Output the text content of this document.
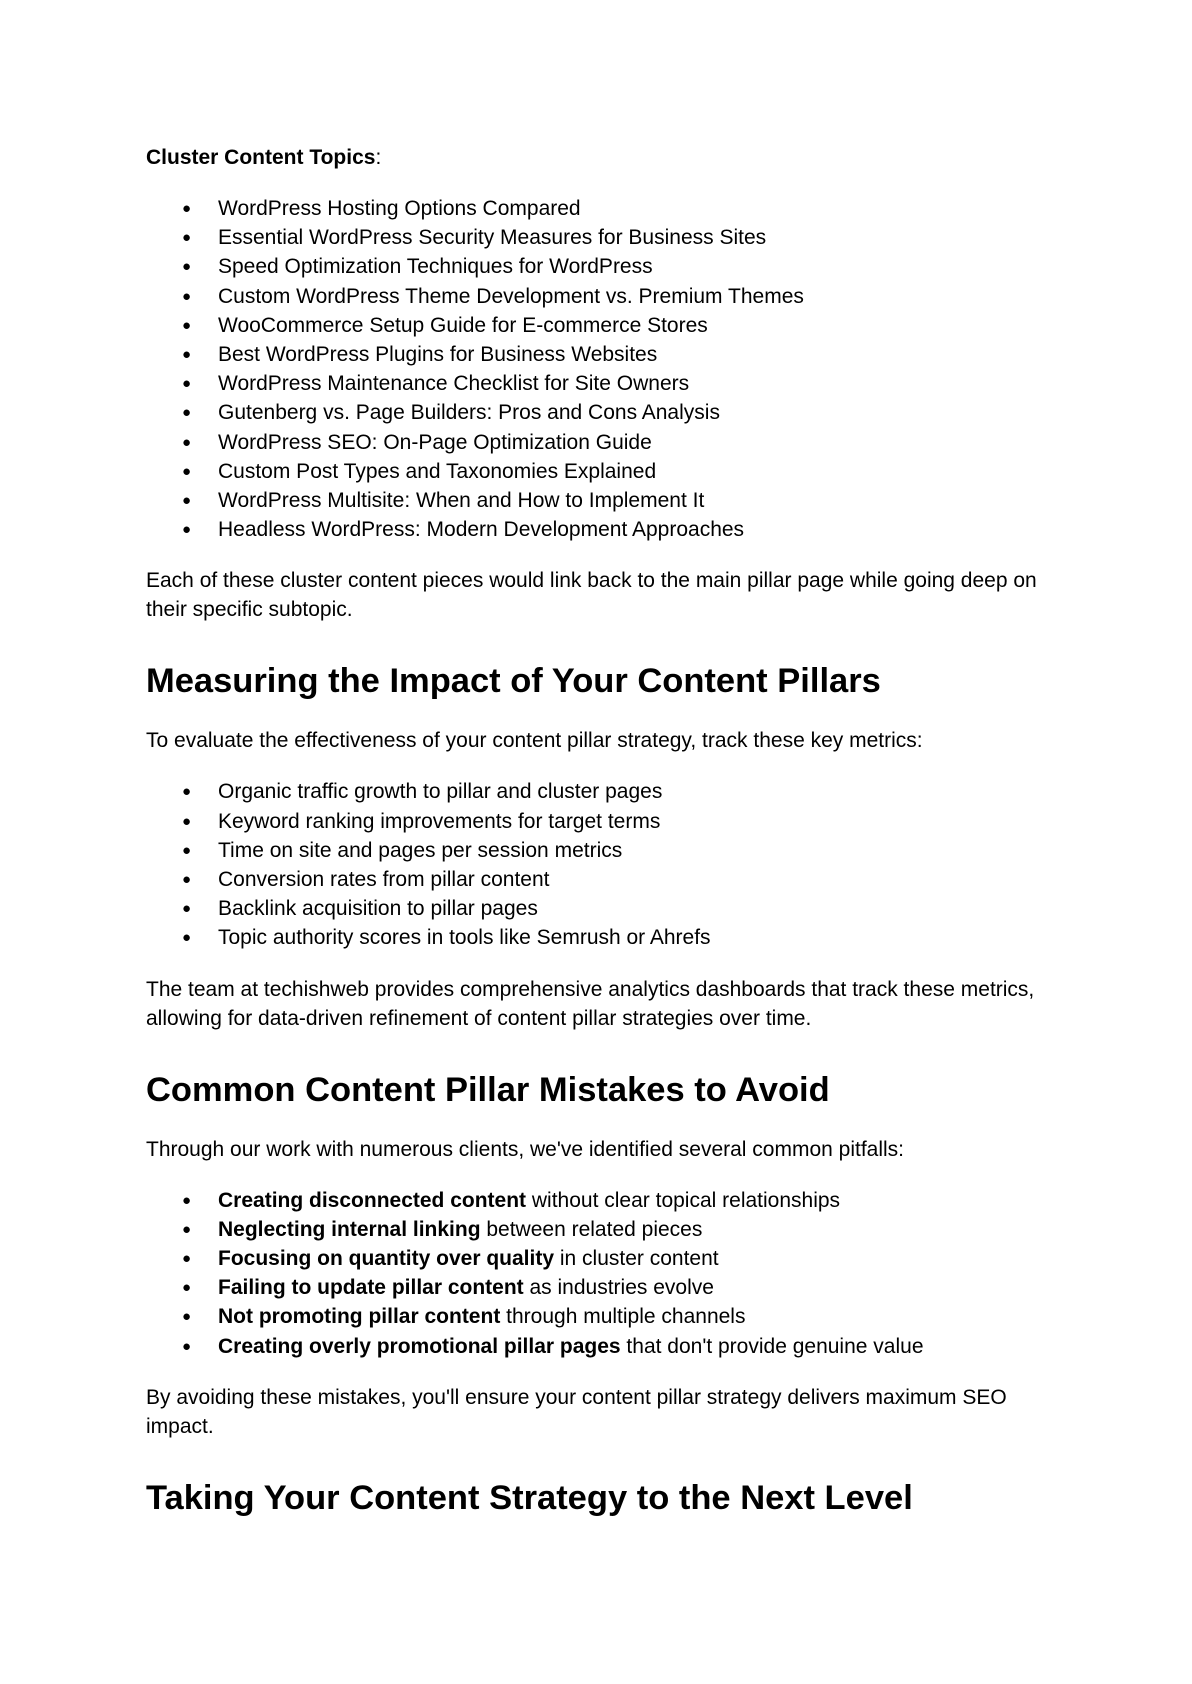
Cluster Content Topics:

● WordPress Hosting Options Compared
● Essential WordPress Security Measures for Business Sites
● Speed Optimization Techniques for WordPress
● Custom WordPress Theme Development vs. Premium Themes
● WooCommerce Setup Guide for E-commerce Stores
● Best WordPress Plugins for Business Websites
● WordPress Maintenance Checklist for Site Owners
● Gutenberg vs. Page Builders: Pros and Cons Analysis
● WordPress SEO: On-Page Optimization Guide
● Custom Post Types and Taxonomies Explained
● WordPress Multisite: When and How to Implement It
● Headless WordPress: Modern Development Approaches

Each of these cluster content pieces would link back to the main pillar page while going deep on their specific subtopic.

Measuring the Impact of Your Content Pillars

To evaluate the effectiveness of your content pillar strategy, track these key metrics:

● Organic traffic growth to pillar and cluster pages
● Keyword ranking improvements for target terms
● Time on site and pages per session metrics
● Conversion rates from pillar content
● Backlink acquisition to pillar pages
● Topic authority scores in tools like Semrush or Ahrefs

The team at techishweb provides comprehensive analytics dashboards that track these metrics, allowing for data-driven refinement of content pillar strategies over time.

Common Content Pillar Mistakes to Avoid

Through our work with numerous clients, we've identified several common pitfalls:

● Creating disconnected content without clear topical relationships
● Neglecting internal linking between related pieces
● Focusing on quantity over quality in cluster content
● Failing to update pillar content as industries evolve
● Not promoting pillar content through multiple channels
● Creating overly promotional pillar pages that don't provide genuine value

By avoiding these mistakes, you'll ensure your content pillar strategy delivers maximum SEO impact.

Taking Your Content Strategy to the Next Level
